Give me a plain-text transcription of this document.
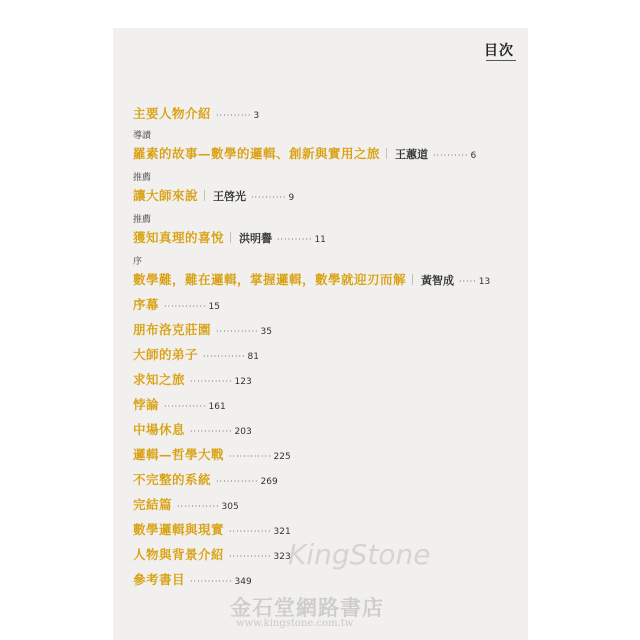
目次
主要人物介紹 ·········· 3
導讀
羅素的故事—數學的邏輯、創新與實用之旅 王蕙道 ·········· 6
推薦
讓大師來說 王啓光 ·········· 9
推薦
獲知真理的喜悅 洪明譽 ·········· 11
序
數學難，難在邏輯，掌握邏輯，數學就迎刃而解 黃智成 ····· 13
序幕 ············ 15
朋布洛克莊園 ············ 35
大師的弟子 ············ 81
求知之旅 ············ 123
悖論 ············ 161
中場休息 ············ 203
邏輯—哲學大戰 ············ 225
不完整的系統 ············ 269
完結篇 ············ 305
數學邏輯與現實 ············ 321
人物與背景介紹 ············ 323
參考書目 ············ 349
KingStone
金石堂網路書店
www.kingstone.com.tw
